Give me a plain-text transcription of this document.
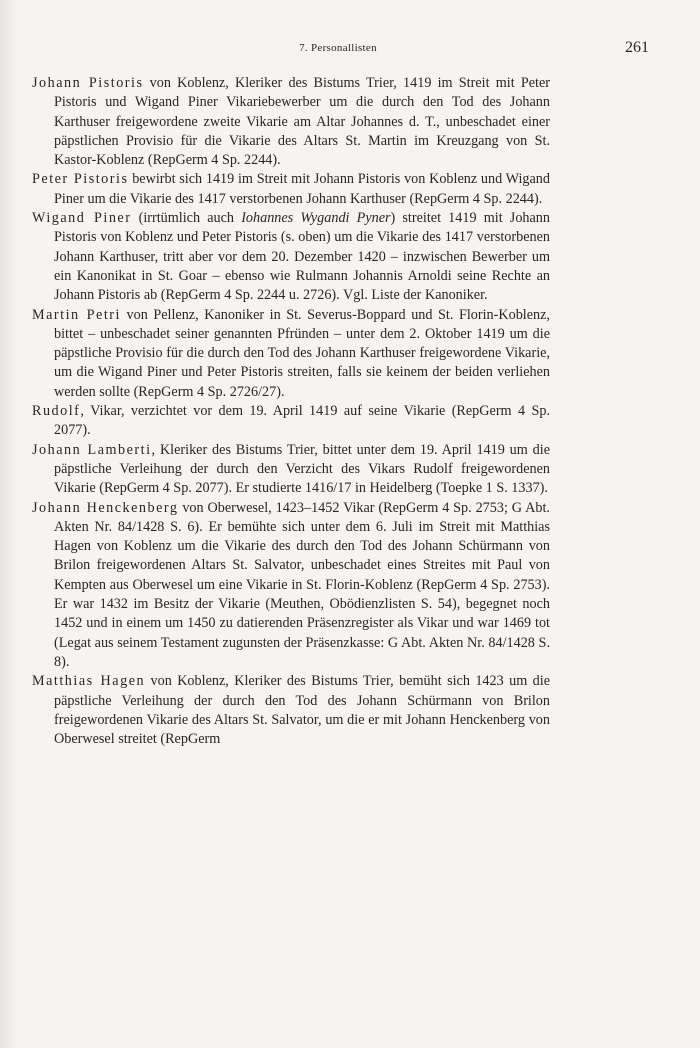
7. Personallisten	261

Johann Pistoris von Koblenz, Kleriker des Bistums Trier, 1419 im Streit mit Peter Pistoris und Wigand Piner Vikariebewerber um die durch den Tod des Johann Karthuser freigewordene zweite Vikarie am Altar Johannes d. T., unbeschadet einer päpstlichen Provisio für die Vikarie des Altars St. Martin im Kreuzgang von St. Kastor-Koblenz (RepGerm 4 Sp. 2244).

Peter Pistoris bewirbt sich 1419 im Streit mit Johann Pistoris von Koblenz und Wigand Piner um die Vikarie des 1417 verstorbenen Johann Karthuser (RepGerm 4 Sp. 2244).

Wigand Piner (irrtümlich auch Iohannes Wygandi Pyner) streitet 1419 mit Johann Pistoris von Koblenz und Peter Pistoris (s. oben) um die Vikarie des 1417 verstorbenen Johann Karthuser, tritt aber vor dem 20. Dezember 1420 – inzwischen Bewerber um ein Kanonikat in St. Goar – ebenso wie Rulmann Johannis Arnoldi seine Rechte an Johann Pistoris ab (RepGerm 4 Sp. 2244 u. 2726). Vgl. Liste der Kanoniker.

Martin Petri von Pellenz, Kanoniker in St. Severus-Boppard und St. Florin-Koblenz, bittet – unbeschadet seiner genannten Pfründen – unter dem 2. Oktober 1419 um die päpstliche Provisio für die durch den Tod des Johann Karthuser freigewordene Vikarie, um die Wigand Piner und Peter Pistoris streiten, falls sie keinem der beiden verliehen werden sollte (RepGerm 4 Sp. 2726/27).

Rudolf, Vikar, verzichtet vor dem 19. April 1419 auf seine Vikarie (RepGerm 4 Sp. 2077).

Johann Lamberti, Kleriker des Bistums Trier, bittet unter dem 19. April 1419 um die päpstliche Verleihung der durch den Verzicht des Vikars Rudolf freigewordenen Vikarie (RepGerm 4 Sp. 2077). Er studierte 1416/17 in Heidelberg (Toepke 1 S. 1337).

Johann Henckenberg von Oberwesel, 1423–1452 Vikar (RepGerm 4 Sp. 2753; G Abt. Akten Nr. 84/1428 S. 6). Er bemühte sich unter dem 6. Juli im Streit mit Matthias Hagen von Koblenz um die Vikarie des durch den Tod des Johann Schürmann von Brilon freigewordenen Altars St. Salvator, unbeschadet eines Streites mit Paul von Kempten aus Oberwesel um eine Vikarie in St. Florin-Koblenz (RepGerm 4 Sp. 2753). Er war 1432 im Besitz der Vikarie (Meuthen, Obödienzlisten S. 54), begegnet noch 1452 und in einem um 1450 zu datierenden Präsenzregister als Vikar und war 1469 tot (Legat aus seinem Testament zugunsten der Präsenzkasse: G Abt. Akten Nr. 84/1428 S. 8).

Matthias Hagen von Koblenz, Kleriker des Bistums Trier, bemüht sich 1423 um die päpstliche Verleihung der durch den Tod des Johann Schürmann von Brilon freigewordenen Vikarie des Altars St. Salvator, um die er mit Johann Henckenberg von Oberwesel streitet (RepGerm
